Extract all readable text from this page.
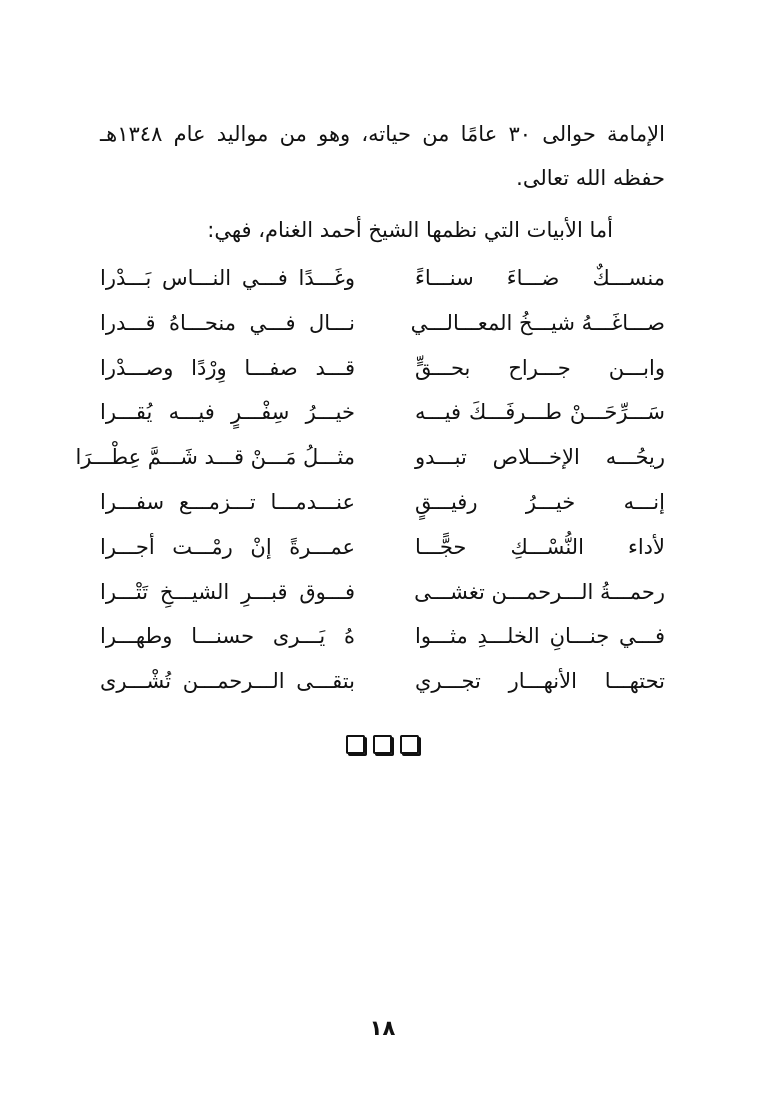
الإمامة حوالى ٣٠ عامًا من حياته، وهو من مواليد عام ١٣٤٨هـ حفظه الله تعالى.

أما الأبيات التي نظمها الشيخ أحمد الغنام، فهي:

منســـكٌ ضـــاءَ سنـــاءً
وغَـــدًا فـــي النـــاس بَـــدْرا
صـــاغَـــهُ شيـــخُ المعـــالـــي
نـــال فـــي منحـــاهُ قـــدرا
وابـــن جـــراح بحـــقٍّ
قـــد صفـــا وِرْدًا وصـــدْرا
سَـــرِّحَـــنْ طـــرفَـــكَ فيـــه
خيـــرُ سِفْـــرٍ فيـــه يُقـــرا
ريحُـــه الإخـــلاص تبـــدو
مثـــلُ مَـــنْ قـــد شَـــمَّ عِطْـــرَا
إنـــه خيـــرُ رفيـــقٍ
عنـــدمـــا تـــزمـــع سفـــرا
لأداء النُّسْـــكِ حجًّـــا
عمـــرةً إنْ رمْـــت أجـــرا
رحمـــةُ الـــرحمـــن تغشـــى
فـــوق قبـــرِ الشيـــخِ تَتْـــرا
فـــي جنـــانِ الخلـــدِ مثـــوا
هُ يَـــرى حسنـــا وطهـــرا
تحتهـــا الأنهـــار تجـــري
بتقـــى الـــرحمـــن تُشْـــرى

١٨
